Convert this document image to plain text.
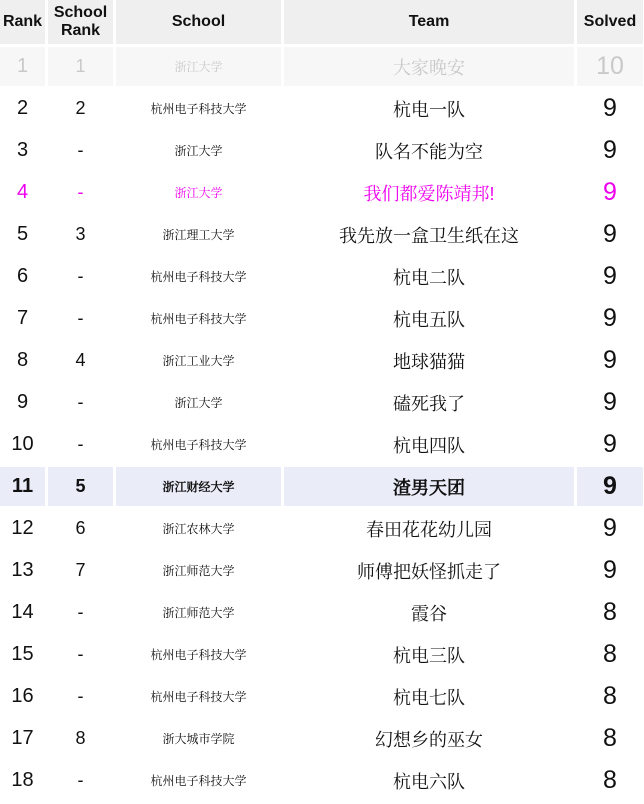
Rank	School Rank	School	Team	Solved
1	1	浙江大学	大家晚安	10
2	2	杭州电子科技大学	杭电一队	9
3	-	浙江大学	队名不能为空	9
4	-	浙江大学	我们都爱陈靖邦!	9
5	3	浙江理工大学	我先放一盒卫生纸在这	9
6	-	杭州电子科技大学	杭电二队	9
7	-	杭州电子科技大学	杭电五队	9
8	4	浙江工业大学	地球猫猫	9
9	-	浙江大学	磕死我了	9
10	-	杭州电子科技大学	杭电四队	9
11	5	浙江财经大学	渣男天团	9
12	6	浙江农林大学	春田花花幼儿园	9
13	7	浙江师范大学	师傅把妖怪抓走了	9
14	-	浙江师范大学	霞谷	8
15	-	杭州电子科技大学	杭电三队	8
16	-	杭州电子科技大学	杭电七队	8
17	8	浙大城市学院	幻想乡的巫女	8
18	-	杭州电子科技大学	杭电六队	8
